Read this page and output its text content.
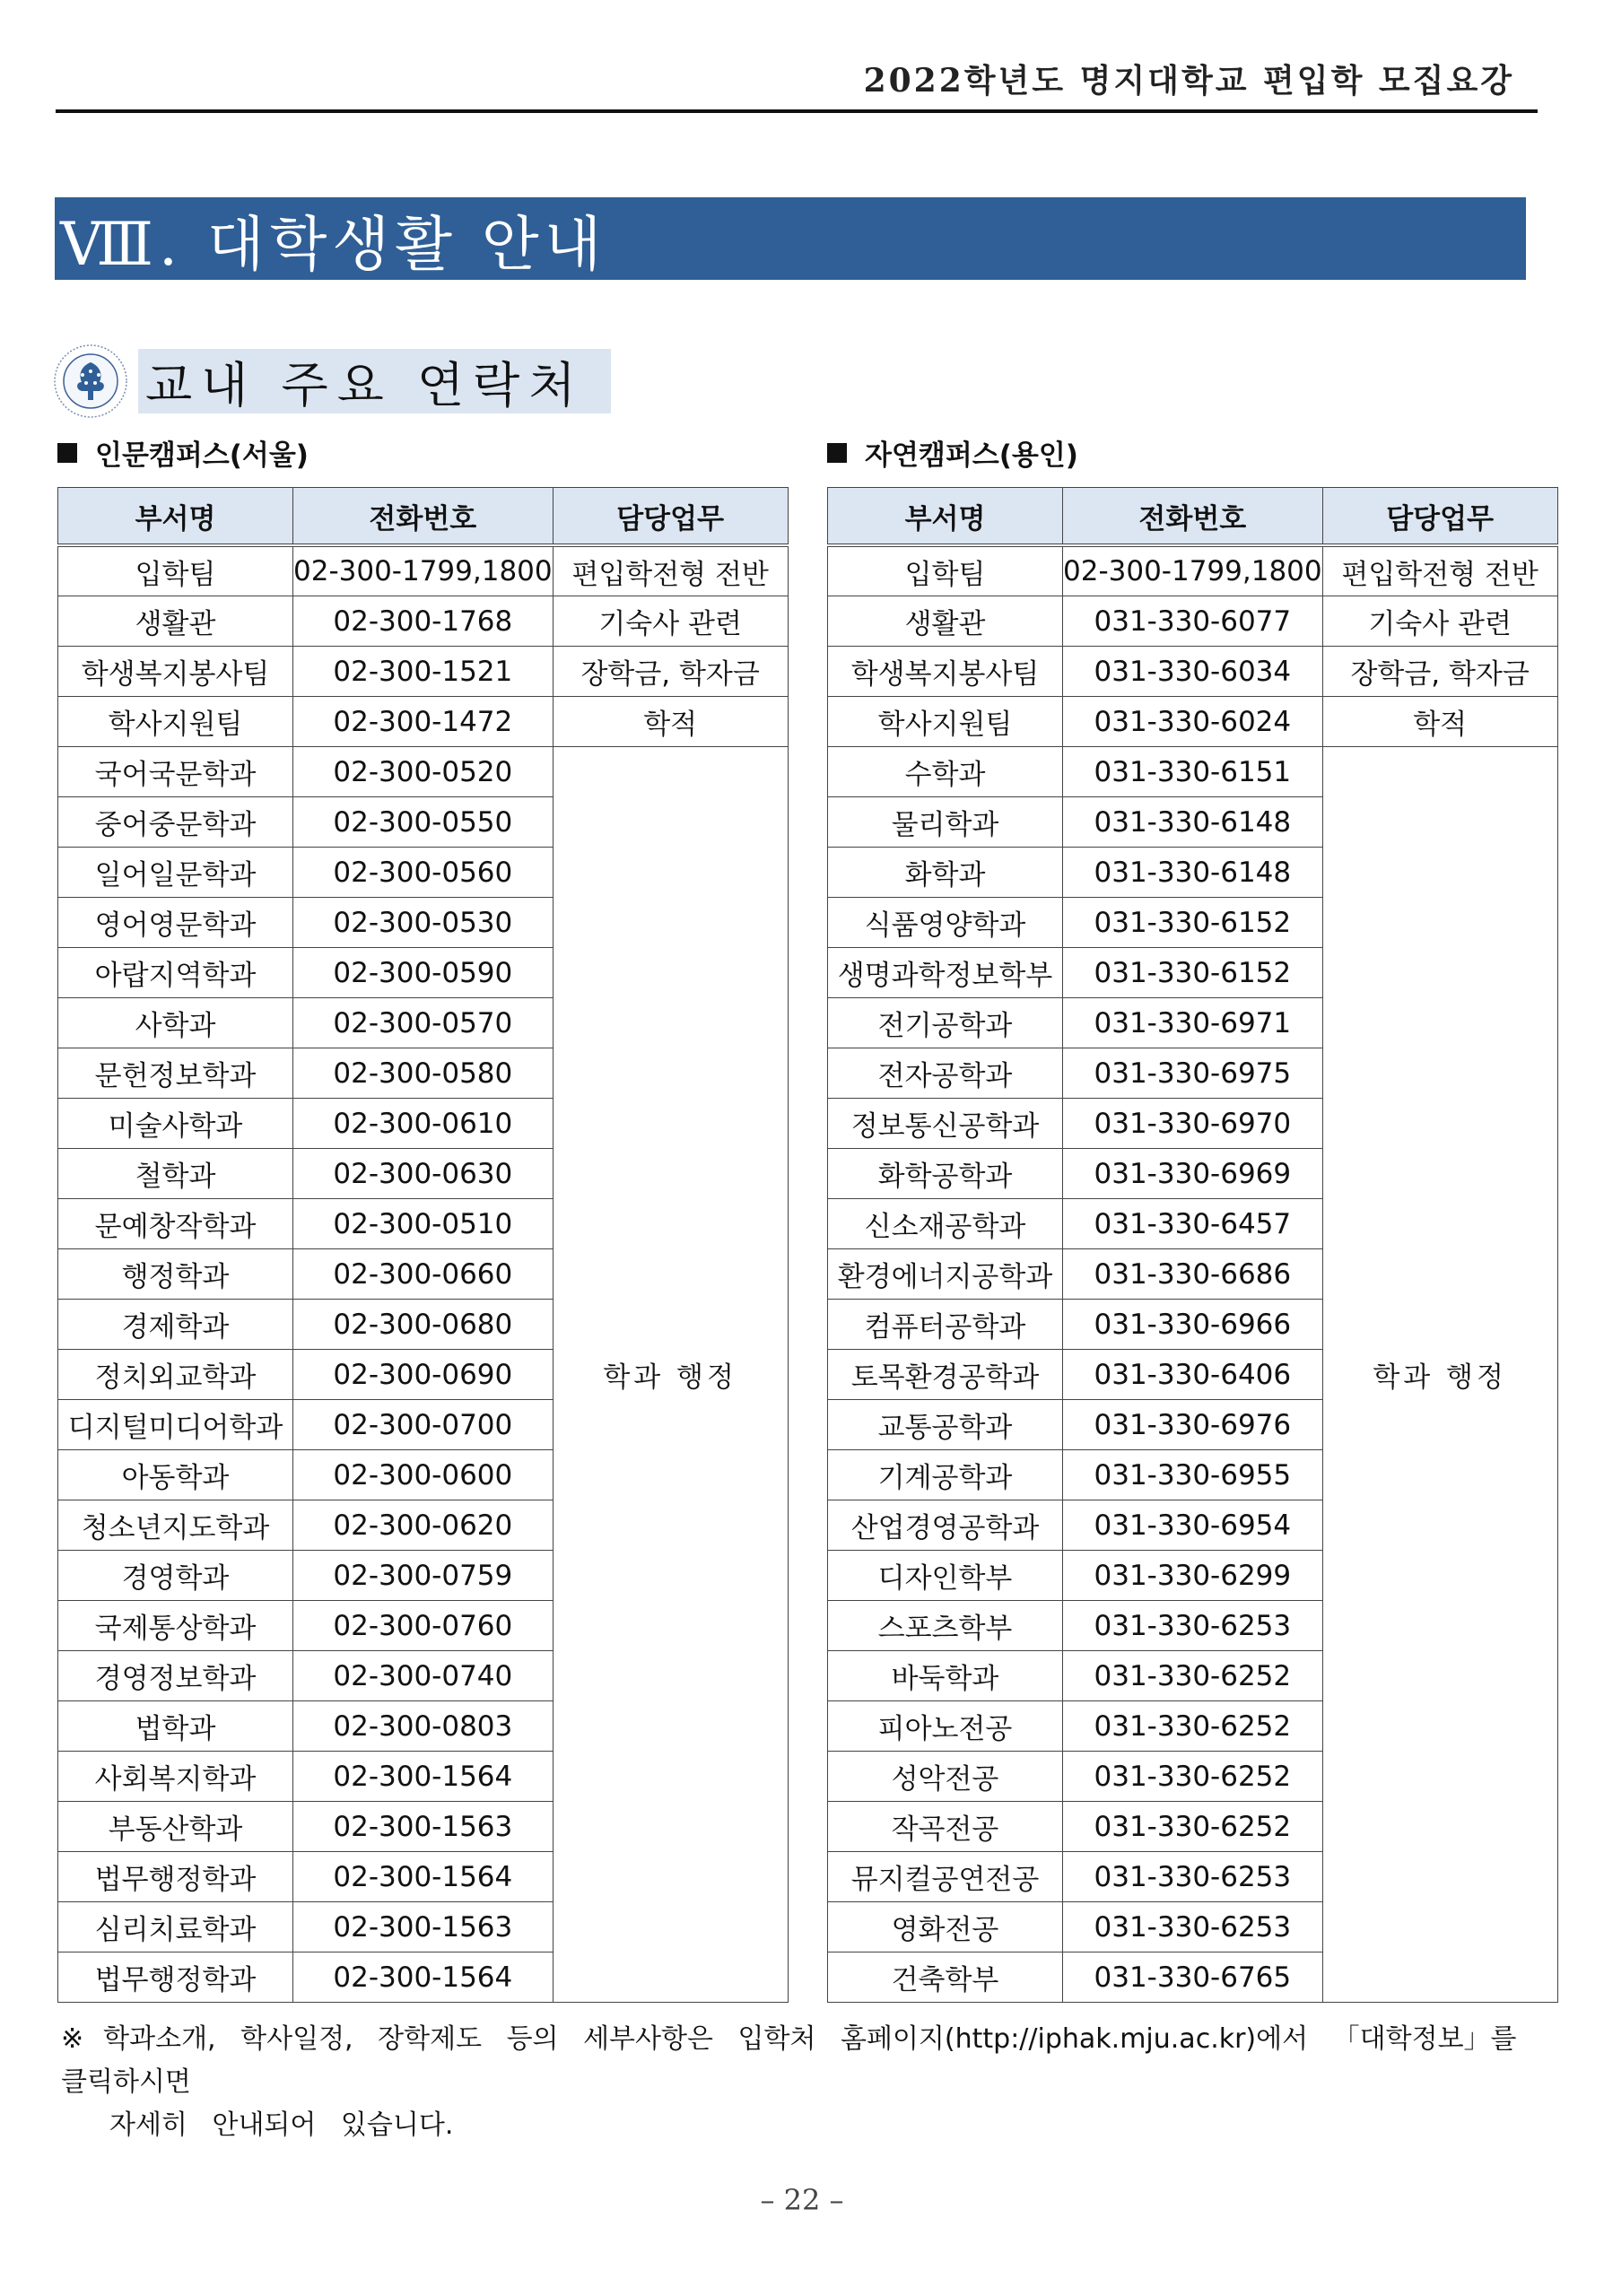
2022학년도 명지대학교 편입학 모집요강
Ⅷ. 대학생활 안내
교내 주요 연락처
인문캠퍼스(서울)	자연캠퍼스(용인)
부서명	전화번호	담당업무
입학팀	02-300-1799,1800	편입학전형 전반
생활관	02-300-1768	기숙사 관련
학생복지봉사팀	02-300-1521	장학금, 학자금
학사지원팀	02-300-1472	학적
국어국문학과	02-300-0520	학과 행정
중어중문학과	02-300-0550	
일어일문학과	02-300-0560	
영어영문학과	02-300-0530	
아랍지역학과	02-300-0590	
사학과	02-300-0570	
문헌정보학과	02-300-0580	
미술사학과	02-300-0610	
철학과	02-300-0630	
문예창작학과	02-300-0510	
행정학과	02-300-0660	
경제학과	02-300-0680	
정치외교학과	02-300-0690	
디지털미디어학과	02-300-0700	
아동학과	02-300-0600	
청소년지도학과	02-300-0620	
경영학과	02-300-0759	
국제통상학과	02-300-0760	
경영정보학과	02-300-0740	
법학과	02-300-0803	
사회복지학과	02-300-1564	
부동산학과	02-300-1563	
법무행정학과	02-300-1564	
심리치료학과	02-300-1563	
법무행정학과	02-300-1564	
부서명	전화번호	담당업무
입학팀	02-300-1799,1800	편입학전형 전반
생활관	031-330-6077	기숙사 관련
학생복지봉사팀	031-330-6034	장학금, 학자금
학사지원팀	031-330-6024	학적
수학과	031-330-6151	학과 행정
물리학과	031-330-6148	
화학과	031-330-6148	
식품영양학과	031-330-6152	
생명과학정보학부	031-330-6152	
전기공학과	031-330-6971	
전자공학과	031-330-6975	
정보통신공학과	031-330-6970	
화학공학과	031-330-6969	
신소재공학과	031-330-6457	
환경에너지공학과	031-330-6686	
컴퓨터공학과	031-330-6966	
토목환경공학과	031-330-6406	
교통공학과	031-330-6976	
기계공학과	031-330-6955	
산업경영공학과	031-330-6954	
디자인학부	031-330-6299	
스포츠학부	031-330-6253	
바둑학과	031-330-6252	
피아노전공	031-330-6252	
성악전공	031-330-6252	
작곡전공	031-330-6252	
뮤지컬공연전공	031-330-6253	
영화전공	031-330-6253	
건축학부	031-330-6765	
※ 학과소개, 학사일정, 장학제도 등의 세부사항은 입학처 홈페이지(http://iphak.mju.ac.kr)에서 「대학정보」를 클릭하시면
자세히 안내되어 있습니다.
– 22 –
